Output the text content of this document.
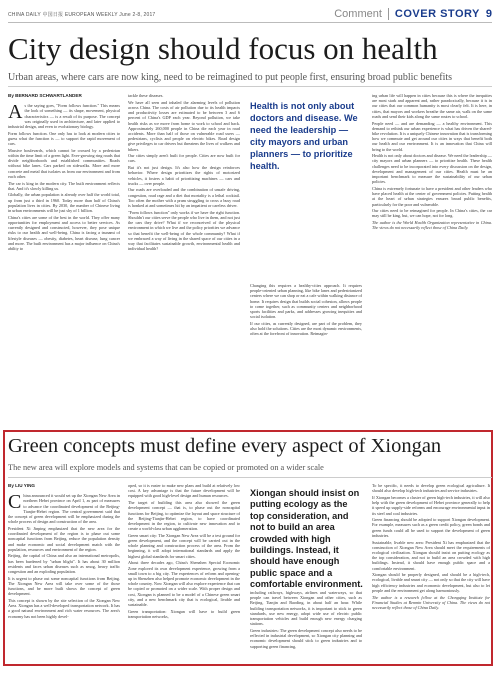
CHINA DAILY 中国日报 EUROPEAN WEEKLY June 2-8, 2017	Comment COVER STORY 9
City design should focus on health

Urban areas, where cars are now king, need to be reimagined to put people first, ensuring broad public benefits

By BERNARD SCHWARTLANDER
A s the saying goes, "Form follows function." This means the look of something — its shape, movement, physical characteristics — is a result of its purpose. The concept was originally used in architecture, and later applied to industrial design, and even to evolutionary biology.

Form follows function. One only has to look at modern cities to guess what the function is — to support the rapid movement of cars.

Massive boulevards, which cannot be crossed by a pedestrian within the time limit of a green light. Ever-growing ring roads that divide neighborhoods and established communities. Roads without bike lanes. Cars parked on sidewalks. More and more concrete and metal that isolates us from our environment and from each other.

The car is king in the modern city. The built environment reflects that. And it's slowly killing us.

Globally, the urban population is already over half the world total, up from just a third in 1960. Today more than half of China's population lives in cities. By 2030, the number of Chinese living in urban environments will be just shy of 1 billion.

China's cities are some of the best in the world. They offer many opportunities for employment and access to better services. As currently designed and constructed, however, they pose unique risks to our health and well-being. China is facing a tsunami of lifestyle diseases — obesity, diabetes, heart disease, lung cancer and more. The built environment has a major influence on China's ability to

tackle these diseases.

We have all seen and inhaled the alarming levels of pollution across China. The costs of air pollution due to its health impacts and productivity losses are estimated to be between 3 and 6 percent of China's GDP each year. Beyond pollution, we take health risks as we move from home to work to school and back. Approximately 260,000 people in China die each year in road accidents. More than half of those on vulnerable road users — pedestrians, cyclists and people on electric bikes. Road design give privileges to car drivers but threatens the lives of walkers and bikers.

Our cities simply aren't built for people. Cities are now built for cars.

But it's not just design. It's also how the design reinforces behavior. Where design prioritizes the rights of motorized vehicles, it fosters a habit of prioritizing machines — cars and trucks — over people.

Our roads are overloaded and the combination of unsafe driving, congestion, road rage and a diet that mortality is a lethal cocktail. Too often the mother with a pram struggling to cross a busy road is honked at and sometimes hit by an impatient or careless driver.

"Form follows function" only works if we have the right function. Shouldn't our cities serve the people who live in them, and not just the cars they drive? What if we reconceived of the physical environment in which we live and the policy priorities we advance so that benefit the well-being of the whole community? What if we embraced a way of living in the shared space of our cities in a way that facilitates sustainable growth, environmental health and individual health?

Health is not only about doctors and disease. We need the leadership — city mayors and urban planners — to prioritize health.

Changing this requires a healthy-cities approach. It requires people-oriented urban planning, like bike lanes and pedestrianized centers where we can shop or eat a cafe within walking distance of home. It requires design that builds social cohesion, allows people to come together, such as community centers and neighborhood sports facilities and parks, and addresses growing inequities and social isolation.

If our cities, as currently designed, are part of the problem, they also hold the solutions. Cities are the most dynamic environments, often at the forefront of innovation. Reimagin-

ing urban life will happen in cities because this is where the inequities are most stark and apparent and, rather paradoxically, because it is in our cities that our common humanity is most clearly felt. It is here, in cities, that mayors and workers breathe the same air, walk on the same roads and send their kids along the same routes to school.

People need — and are demanding — a healthy environment. This demand to rethink our urban experience is what has driven the shared-bike revolution. It is a uniquely Chinese innovation that is transforming how we commute and get around our cities in ways that benefit both our health and our environment. It is an innovation that China will bring to the world.

Health is not only about doctors and disease. We need the leadership — city mayors and urban planners — to prioritize health. These health challenges need to be incorporated into every discussion on the design, development and management of our cities. Health must be an important benchmark to measure the sustainability of our urban policies.

China is extremely fortunate to have a president and other leaders who have placed health at the center of government policies. Putting health at the heart of urban strategies ensures broad public benefits, particularly for the poor and vulnerable.

Our cities need to be reimagined for people. In China's cities, the car may still be king, but, we can hope, not for long.

The author is the World Health Organization representative in China. The views do not necessarily reflect those of China Daily.

Green concepts must define every aspect of Xiongan

The new area will explore models and systems that can be copied or promoted on a wider scale

By LIU YING
C hina announced it would set up the Xiongan New Area in northern Hebei province on April 1, as part of measures to advance the coordinated development of the Beijing-Tianjin-Hebei region. The central government said that the concept of green development will be emphasized during the whole process of design and construction of the area.

President Xi Jinping emphasized that the new area for the coordinated development of the region is to phase out some noncapital functions from Beijing, reduce the population density and make economic and social development match with the population, resources and environment of the region.

Beijing, the capital of China and also an international metropolis, has been burdened by "urban blight". It has about 30 million residents and faces urban diseases such as smog, heavy traffic congestion and an exploding population.

It is urgent to phase out some noncapital functions from Beijing. The Xiongan New Area will take over some of the those functions, and be more built shows the concept of green development.

This concept is shown by the site selection of the Xiongan New Area. Xiongan has a well-developed transportation network. It has a good natural environment and rich water resources. The area's economy has not been highly devel-

oped, so it is easier to make new plans and build at relatively low cost. A key advantage is that the future development will be equipped with good high-level design and human resources.

The target of building this area also showed the green development concept — that is, to phase out the noncapital functions for Beijing, to optimize the layout and space structure of the Beijing-Tianjin-Hebei region, to have coordinated development in the region, to cultivate new innovation and to create a world-class urban agglomeration.

Green smart city: The Xiongan New Area will be a test ground for green development, and the concept will be carried out in the whole planning and construction process of the area. From the beginning, it will adopt international standards and apply the highest global standards for smart cities.

About three decades ago, China's Shenzhen Special Economic Zone explored its own development experience, growing from a small town to a big city. The experiences of reform and opening-up in Shenzhen also helped promote economic development in the whole country. Now Xiongan will also explore experience that can be copied or promoted on a wider scale. With proper design and cost, Xiongan is planned to be a model of a Chinese green smart city, and a new benchmark city that is ecological, livable and sustainable.

Green transportation: Xiongan will have to build green transportation networks,

Xiongan should insist on putting ecology as the top consideration, and not to build an area crowded with high buildings. Instead, it should have enough public space and a comfortable environment.

including railways, highways, airlines and waterways, so that people can travel between Xiongan and other cities, such as Beijing, Tianjin and Baoding, in about half an hour. While building transportation networks, it is important to stick to green standards, use new energy, adopt wide use of electric public transportation vehicles and build enough new energy charging stations.

Green industries: The green development concept also needs to be reflected in industrial development, so Xiongan city planning and economic development should stick to green industries and to supporting green financing,

To be specific, it needs to develop green ecological agriculture. It should also develop high-tech industries and service industries.

If Xiongan becomes a cluster of green high-tech industries, it will also help with the green development of Hebei province generally to help it speed up supply-side reforms and encourage environmental input in its steel and coal industries.

Green financing should be adopted to support Xiongan development. For example, measures such as a green credit policy, green bonds and green funds could all be used to support the development of green industries.

Sustainable, livable new area: President Xi has emphasized that the construction of Xiongan New Area should meet the requirements of ecological civilization. Xiongan should insist on putting ecology as the top consideration, and not to build an area crowded with high buildings. Instead, it should have enough public space and a comfortable environment.

Xiongan should be properly designed, and should be a high-tech, ecological, livable and smart city — not only so that the city will have high efficiency industries and economic development, but also to let people and the environment get along harmoniously.

The author is a research fellow at the Chongqing Institute for Financial Studies at Renmin University of China. The views do not necessarily reflect those of China Daily.
